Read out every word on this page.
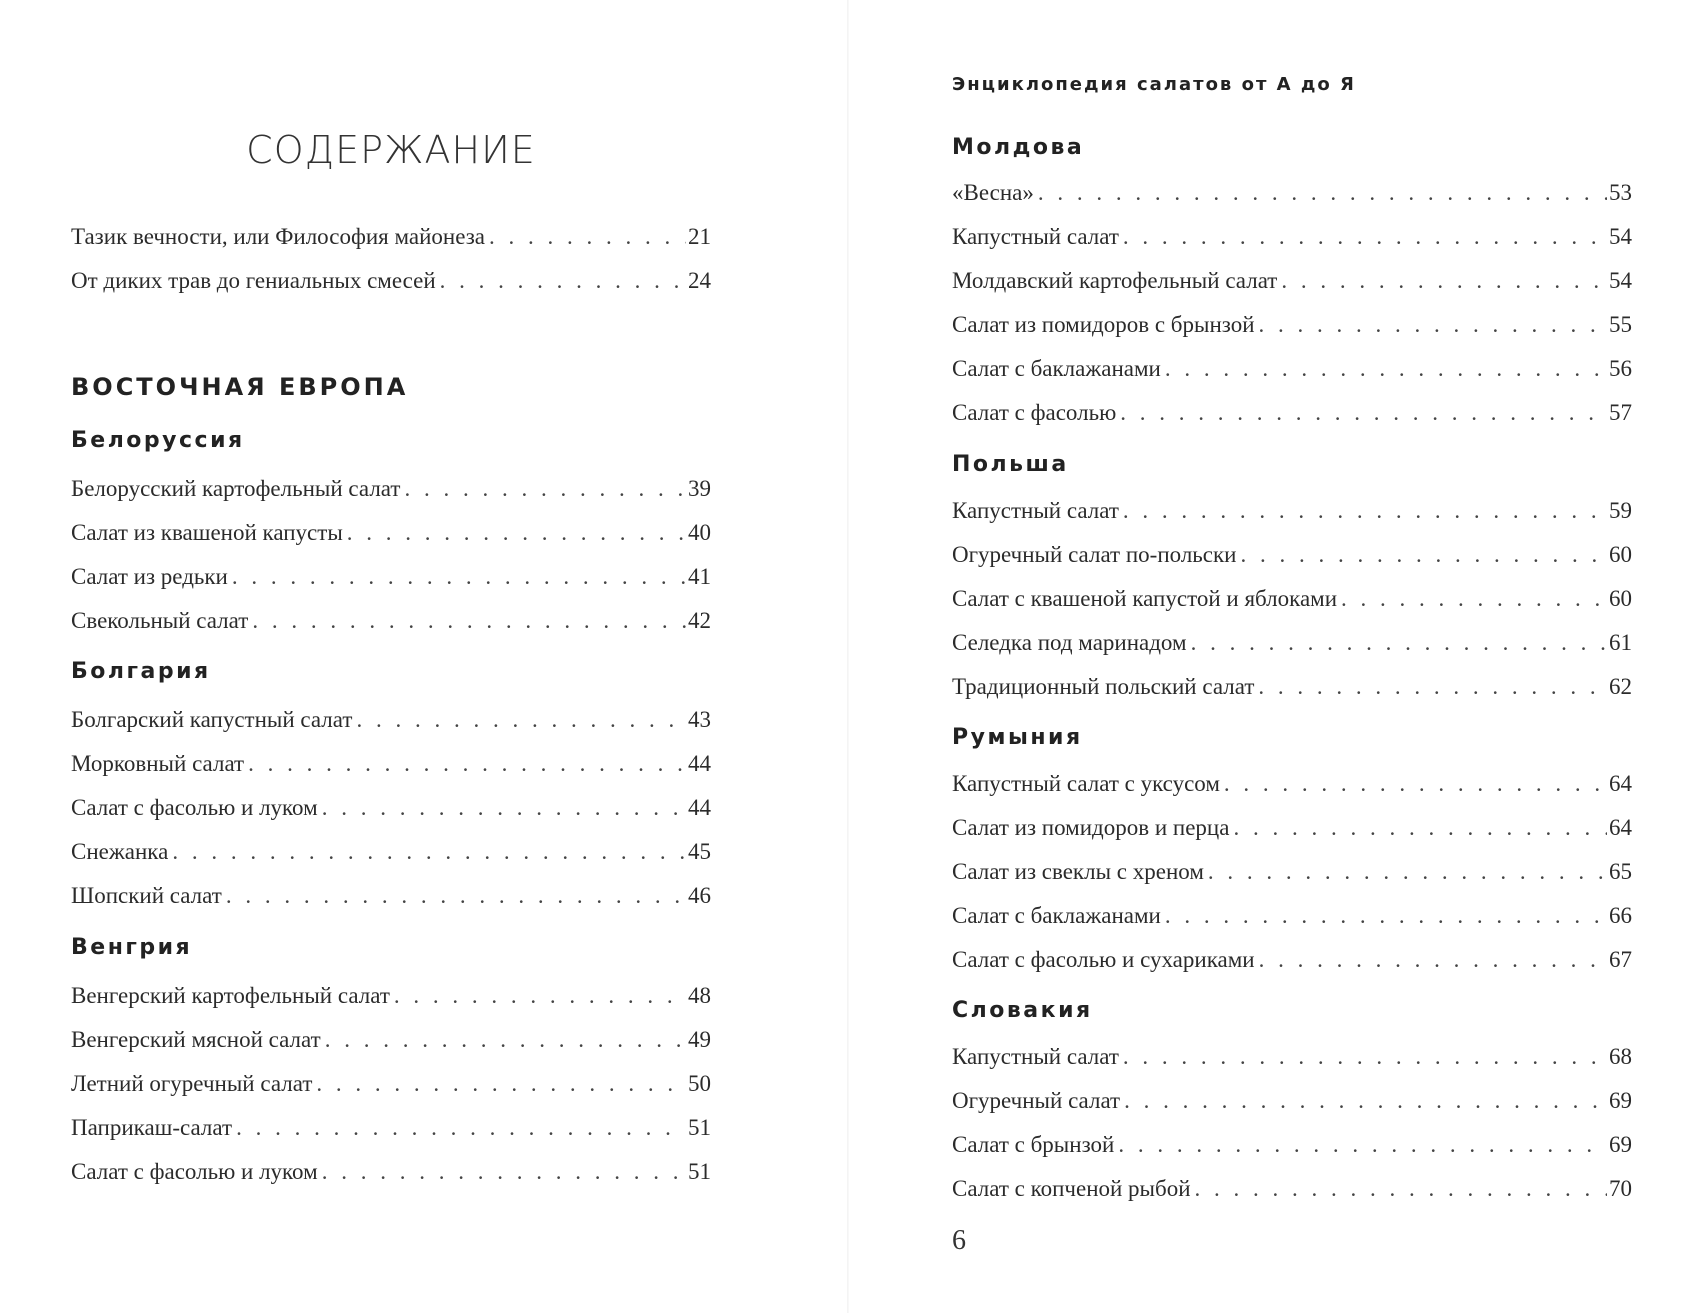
СОДЕРЖАНИЕ
Тазик вечности, или Философия майонеза . . .	21
От диких трав до гениальных смесей . . .	24
ВОСТОЧНАЯ ЕВРОПА
Белоруссия
Белорусский картофельный салат . . .	39
Салат из квашеной капусты . . .	40
Салат из редьки . . .	41
Свекольный салат . . .	42
Болгария
Болгарский капустный салат . . .	43
Морковный салат . . .	44
Салат с фасолью и луком . . .	44
Снежанка . . .	45
Шопский салат . . .	46
Венгрия
Венгерский картофельный салат . . .	48
Венгерский мясной салат . . .	49
Летний огуречный салат . . .	50
Паприкаш-салат . . .	51
Салат с фасолью и луком . . .	51
Энциклопедия салатов от А до Я
Молдова
«Весна» . . .	53
Капустный салат . . .	54
Молдавский картофельный салат . . .	54
Салат из помидоров с брынзой . . .	55
Салат с баклажанами . . .	56
Салат с фасолью . . .	57
Польша
Капустный салат . . .	59
Огуречный салат по-польски . . .	60
Салат с квашеной капустой и яблоками . . .	60
Селедка под маринадом . . .	61
Традиционный польский салат . . .	62
Румыния
Капустный салат с уксусом . . .	64
Салат из помидоров и перца . . .	64
Салат из свеклы с хреном . . .	65
Салат с баклажанами . . .	66
Салат с фасолью и сухариками . . .	67
Словакия
Капустный салат . . .	68
Огуречный салат . . .	69
Салат с брынзой . . .	69
Салат с копченой рыбой . . .	70
6
